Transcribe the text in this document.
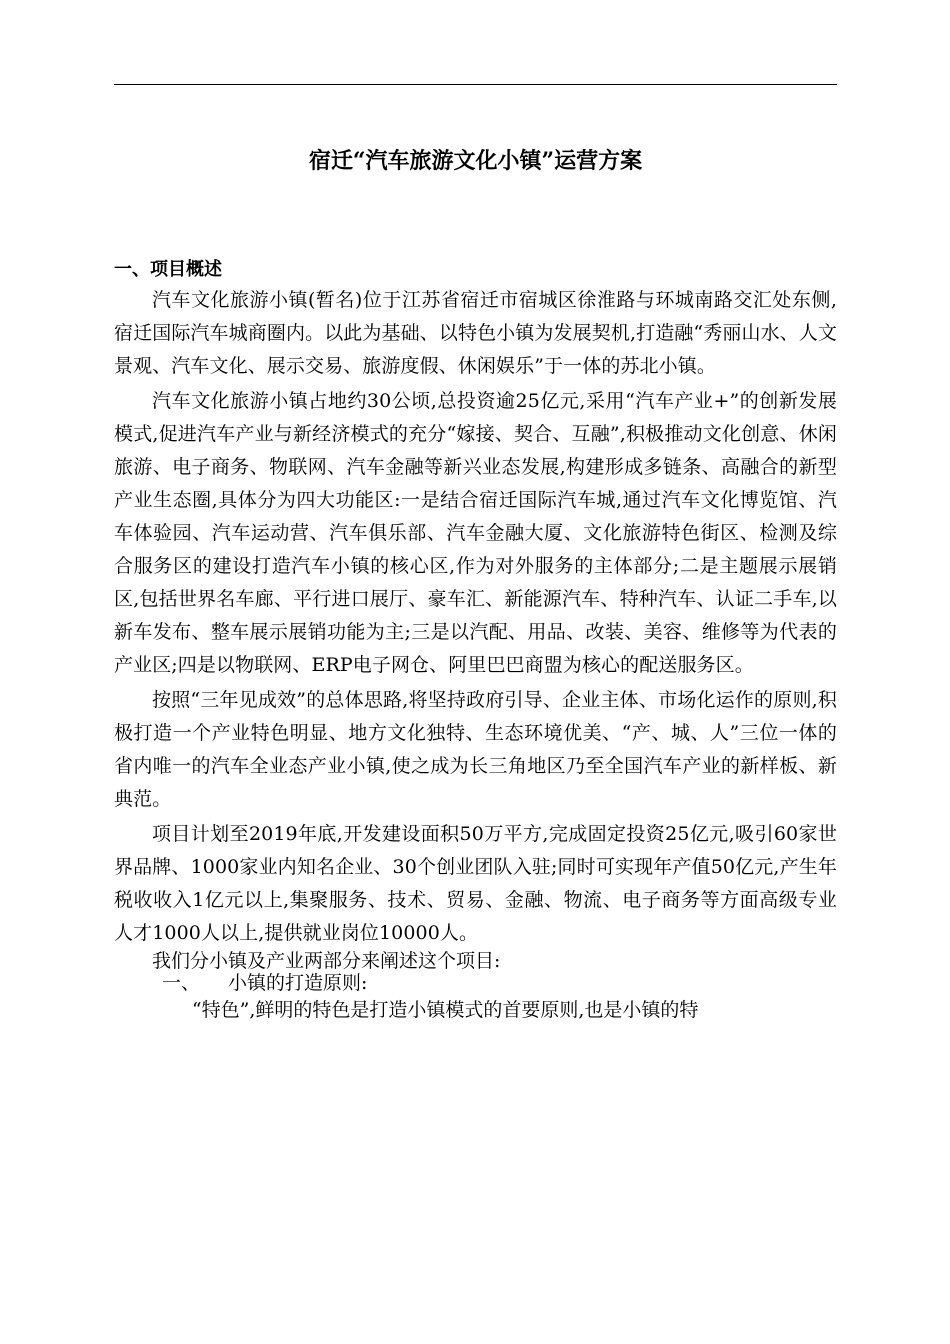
宿迁“汽车旅游文化小镇”运营方案
一、项目概述

汽车文化旅游小镇(暂名)位于江苏省宿迁市宿城区徐淮路与环城南路交汇处东侧,宿迁国际汽车城商圈内。以此为基础、以特色小镇为发展契机,打造融“秀丽山水、人文景观、汽车文化、展示交易、旅游度假、休闲娱乐”于一体的苏北小镇。

汽车文化旅游小镇占地约30公顷,总投资逾25亿元,采用“汽车产业+”的创新发展模式,促进汽车产业与新经济模式的充分“嫁接、契合、互融”,积极推动文化创意、休闲旅游、电子商务、物联网、汽车金融等新兴业态发展,构建形成多链条、高融合的新型产业生态圈,具体分为四大功能区:一是结合宿迁国际汽车城,通过汽车文化博览馆、汽车体验园、汽车运动营、汽车俱乐部、汽车金融大厦、文化旅游特色街区、检测及综合服务区的建设打造汽车小镇的核心区,作为对外服务的主体部分;二是主题展示展销区,包括世界名车廊、平行进口展厅、豪车汇、新能源汽车、特种汽车、认证二手车,以新车发布、整车展示展销功能为主;三是以汽配、用品、改装、美容、维修等为代表的产业区;四是以物联网、ERP电子网仓、阿里巴巴商盟为核心的配送服务区。

按照“三年见成效”的总体思路,将坚持政府引导、企业主体、市场化运作的原则,积极打造一个产业特色明显、地方文化独特、生态环境优美、“产、城、人”三位一体的省内唯一的汽车全业态产业小镇,使之成为长三角地区乃至全国汽车产业的新样板、新典范。

项目计划至2019年底,开发建设面积50万平方,完成固定投资25亿元,吸引60家世界品牌、1000家业内知名企业、30个创业团队入驻;同时可实现年产值50亿元,产生年税收收入1亿元以上,集聚服务、技术、贸易、金融、物流、电子商务等方面高级专业人才1000人以上,提供就业岗位10000人。

我们分小镇及产业两部分来阐述这个项目:

一、 小镇的打造原则:

“特色”,鲜明的特色是打造小镇模式的首要原则,也是小镇的特
